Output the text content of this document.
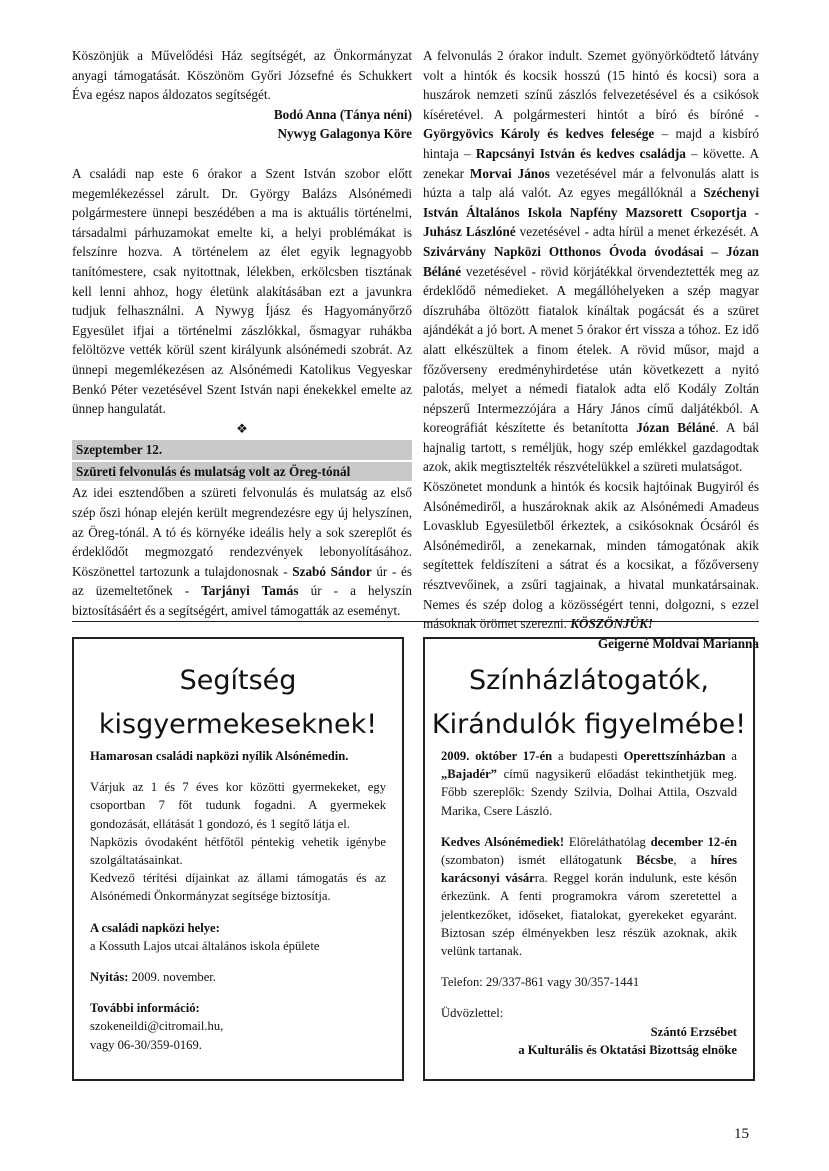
Köszönjük a Művelődési Ház segítségét, az Önkormányzat anyagi támogatását. Köszönöm Győri Józsefné és Schukkert Éva egész napos áldozatos segítségét.

Bodó Anna (Tánya néni)

Nywyg Galagonya Köre

A családi nap este 6 órakor a Szent István szobor előtt megemlékezéssel zárult. Dr. György Balázs Alsónémedi polgármestere ünnepi beszédében a ma is aktuális történelmi, társadalmi párhuzamokat emelte ki, a helyi problémákat is felszínre hozva. A történelem az élet egyik legnagyobb tanítómestere, csak nyitottnak, lélekben, erkölcsben tisztának kell lenni ahhoz, hogy életünk alakításában ezt a javunkra tudjuk felhasználni. A Nywyg Íjász és Hagyományőrző Egyesület ifjai a történelmi zászlókkal, ősmagyar ruhákba felöltözve vették körül szent királyunk alsónémedi szobrát. Az ünnepi megemlékezésen az Alsónémedi Katolikus Vegyeskar Benkó Péter vezetésével Szent István napi énekekkel emelte az ünnep hangulatát.

❖

Szeptember 12.
Szüreti felvonulás és mulatság volt az Öreg-tónál

Az idei esztendőben a szüreti felvonulás és mulatság az első szép őszi hónap elején került megrendezésre egy új helyszínen, az Öreg-tónál. A tó és környéke ideális hely a sok szereplőt és érdeklődőt megmozgató rendezvények lebonyolításához. Köszönettel tartozunk a tulajdonosnak - Szabó Sándor úr - és az üzemeltetőnek - Tarjányi Tamás úr - a helyszín biztosításáért és a segítségért, amivel támogatták az eseményt.

A felvonulás 2 órakor indult. Szemet gyönyörködtető látvány volt a hintók és kocsik hosszú (15 hintó és kocsi) sora a huszárok nemzeti színű zászlós felvezetésével és a csikósok kíséretével. A polgármesteri hintót a bíró és bíróné - Györgyövics Károly és kedves felesége – majd a kisbíró hintaja – Rapcsányi István és kedves családja – követte. A zenekar Morvai János vezetésével már a felvonulás alatt is húzta a talp alá valót. Az egyes megállóknál a Széchenyi István Általános Iskola Napfény Mazsorett Csoportja - Juhász Lászlóné vezetésével - adta hírül a menet érkezését. A Szivárvány Napközi Otthonos Óvoda óvodásai – Józan Béláné vezetésével - rövid körjátékkal örvendeztették meg az érdeklődő némedieket. A megállóhelyeken a szép magyar díszruhába öltözött fiatalok kínáltak pogácsát és a szüret ajándékát a jó bort. A menet 5 órakor ért vissza a tóhoz. Ez idő alatt elkészültek a finom ételek. A rövid műsor, majd a főzőverseny eredményhirdetése után következett a nyitó palotás, melyet a némedi fiatalok adta elő Kodály Zoltán népszerű Intermezzójára a Háry János című daljátékból. A koreográfiát készítette és betanította Józan Béláné. A bál hajnalig tartott, s reméljük, hogy szép emlékkel gazdagodtak azok, akik megtisztelték részvételükkel a szüreti mulatságot.

Köszönetet mondunk a hintók és kocsik hajtóinak Bugyiról és Alsónémediről, a huszároknak akik az Alsónémedi Amadeus Lovasklub Egyesületből érkeztek, a csikósoknak Ócsáról és Alsónémediről, a zenekarnak, minden támogatónak akik segítettek feldíszíteni a sátrat és a kocsikat, a főzőverseny résztvevőinek, a zsűri tagjainak, a hivatal munkatársainak. Nemes és szép dolog a közösségért tenni, dolgozni, s ezzel másoknak örömet szerezni. KÖSZÖNJÜK!

Geigerné Moldvai Marianna

Segítség
kisgyermekeseknek!

Hamarosan családi napközi nyílik Alsónémedin.

Várjuk az 1 és 7 éves kor közötti gyermekeket, egy csoportban 7 főt tudunk fogadni. A gyermekek gondozását, ellátását 1 gondozó, és 1 segítő látja el.

Napközis óvodaként hétfőtől péntekig vehetik igénybe szolgáltatásainkat.

Kedvező térítési díjainkat az állami támogatás és az Alsónémedi Önkormányzat segítsége biztosítja.

A családi napközi helye:

a Kossuth Lajos utcai általános iskola épülete

Nyitás: 2009. november.

További információ:

szokeneildi@citromail.hu,

vagy 06-30/359-0169.

Színházlátogatók,
Kirándulók figyelmébe!

2009. október 17-én a budapesti Operettszínházban a „Bajadér” című nagysikerű előadást tekinthetjük meg. Főbb szereplők: Szendy Szilvia, Dolhai Attila, Oszvald Marika, Csere László.

Kedves Alsónémediek! Előreláthatólag december 12-én (szombaton) ismét ellátogatunk Bécsbe, a híres karácsonyi vásárra. Reggel korán indulunk, este későn érkezünk. A fenti programokra várom szeretettel a jelentkezőket, időseket, fiatalokat, gyerekeket egyaránt. Biztosan szép élményekben lesz részük azoknak, akik velünk tartanak.

Telefon: 29/337-861 vagy 30/357-1441

Üdvözlettel:

Szántó Erzsébet

a Kulturális és Oktatási Bizottság elnöke

15
